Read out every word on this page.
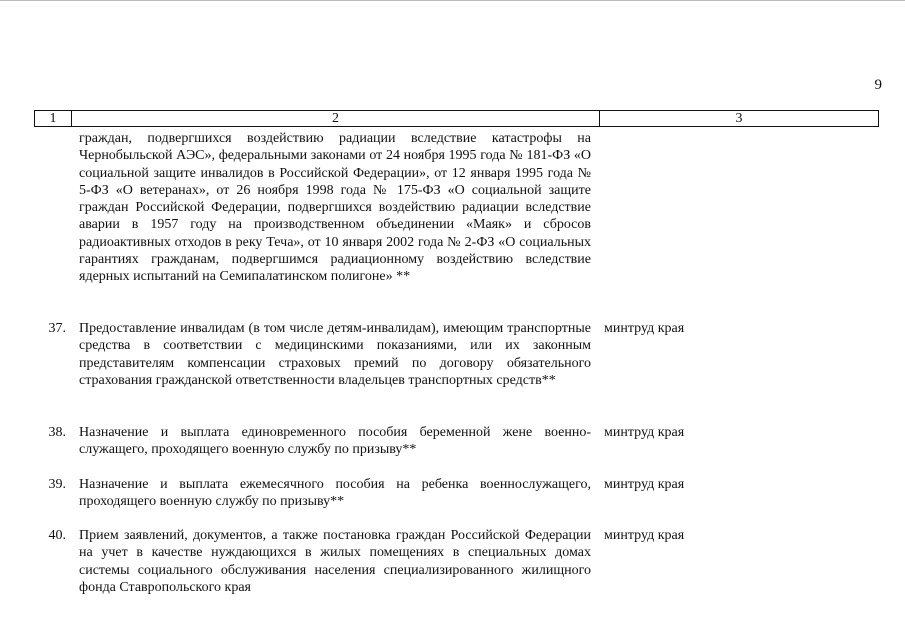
9
1	2	3
граждан, подвергшихся воздействию радиации вследствие катастрофы на Чернобыльской АЭС», федеральными законами от 24 ноября 1995 года № 181-ФЗ «О социальной защите инвалидов в Российской Федерации», от 12 января 1995 года № 5-ФЗ «О ветеранах», от 26 ноября 1998 года № 175-ФЗ «О социальной защите граждан Российской Федерации, подвергшихся воздействию радиации вследствие аварии в 1957 году на производственном объединении «Маяк» и сбросов радиоактивных отходов в реку Теча», от 10 января 2002 года № 2-ФЗ «О социальных гарантиях гражданам, подвергшимся радиационному воздействию вследствие ядерных испытаний на Семипалатинском полигоне» **
37. Предоставление инвалидам (в том числе детям-инвалидам), имеющим транспортные средства в соответствии с медицинскими показаниями, или их законным представителям компенсации страховых премий по договору обязательного страхования гражданской ответственности владельцев транспортных средств**
минтруд края
38. Назначение и выплата единовременного пособия беременной жене военнослужащего, проходящего военную службу по призыву**
минтруд края
39. Назначение и выплата ежемесячного пособия на ребенка военнослужащего, проходящего военную службу по призыву**
минтруд края
40. Прием заявлений, документов, а также постановка граждан Российской Федерации на учет в качестве нуждающихся в жилых помещениях в специальных домах системы социального обслуживания населения специализированного жилищного фонда Ставропольского края
минтруд края
